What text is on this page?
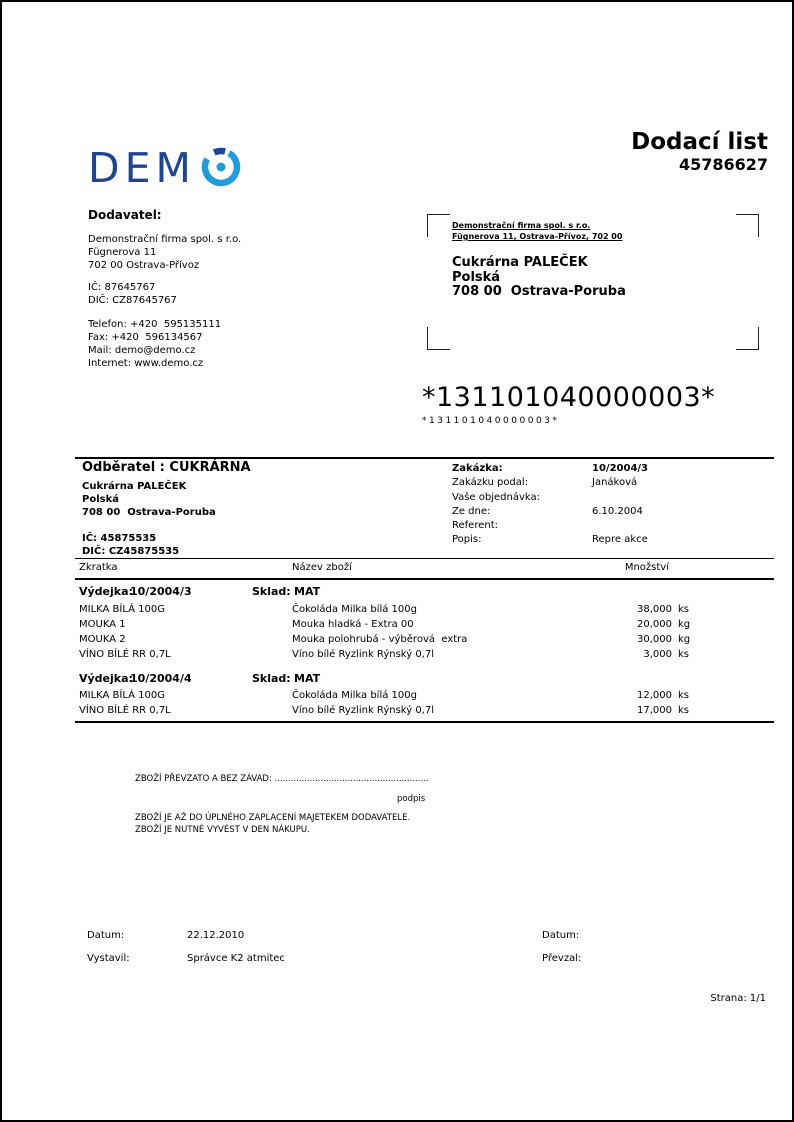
DEM
Dodací list
45786627
Dodavatel:
Demonstrační firma spol. s r.o.
Fügnerova 11
702 00 Ostrava-Přívoz
IČ: 87645767
DIČ: CZ87645767
Telefon: +420  595135111
Fax: +420  596134567
Mail: demo@demo.cz
Internet: www.demo.cz
Demonstrační firma spol. s r.o.
Fügnerova 11, Ostrava-Přívoz, 702 00
Cukrárna PALEČEK
Polská
708 00  Ostrava-Poruba
*131101040000003*
*131101040000003*
Odběratel : CUKRÁRNA
Cukrárna PALEČEK
Polská
708 00  Ostrava-Poruba
IČ: 45875535
DIČ: CZ45875535
Zakázka:	10/2004/3
Zakázku podal:	Janáková
Vaše objednávka:
Ze dne:	6.10.2004
Referent:
Popis:	Repre akce
Zkratka	Název zboží	Množství
Výdejka:
10/2004/3	Sklad: MAT
MILKA BÍLÁ 100G	Čokoláda Milka bílá 100g	38,000 ks
MOUKA 1	Mouka hladká - Extra 00	20,000 kg
MOUKA 2	Mouka polohrubá - výběrová  extra	30,000 kg
VÍNO BÍLÉ RR 0,7L	Víno bílé Ryzlink Rýnský 0,7l	3,000 ks
Výdejka:
10/2004/4	Sklad: MAT
MILKA BÍLÁ 100G	Čokoláda Milka bílá 100g	12,000 ks
VÍNO BÍLÉ RR 0,7L	Víno bílé Ryzlink Rýnský 0,7l	17,000 ks
ZBOŽÍ PŘEVZATO A BEZ ZÁVAD: .........................................................
podpis
ZBOŽÍ JE AŽ DO ÚPLNÉHO ZAPLACENÍ MAJETEKEM DODAVATELE.
ZBOŽÍ JE NUTNÉ VYVÉST V DEN NÁKUPU.
Datum:	22.12.2010
Vystavil:	Správce K2 atmitec
Datum:
Převzal:
Strana: 1/1
